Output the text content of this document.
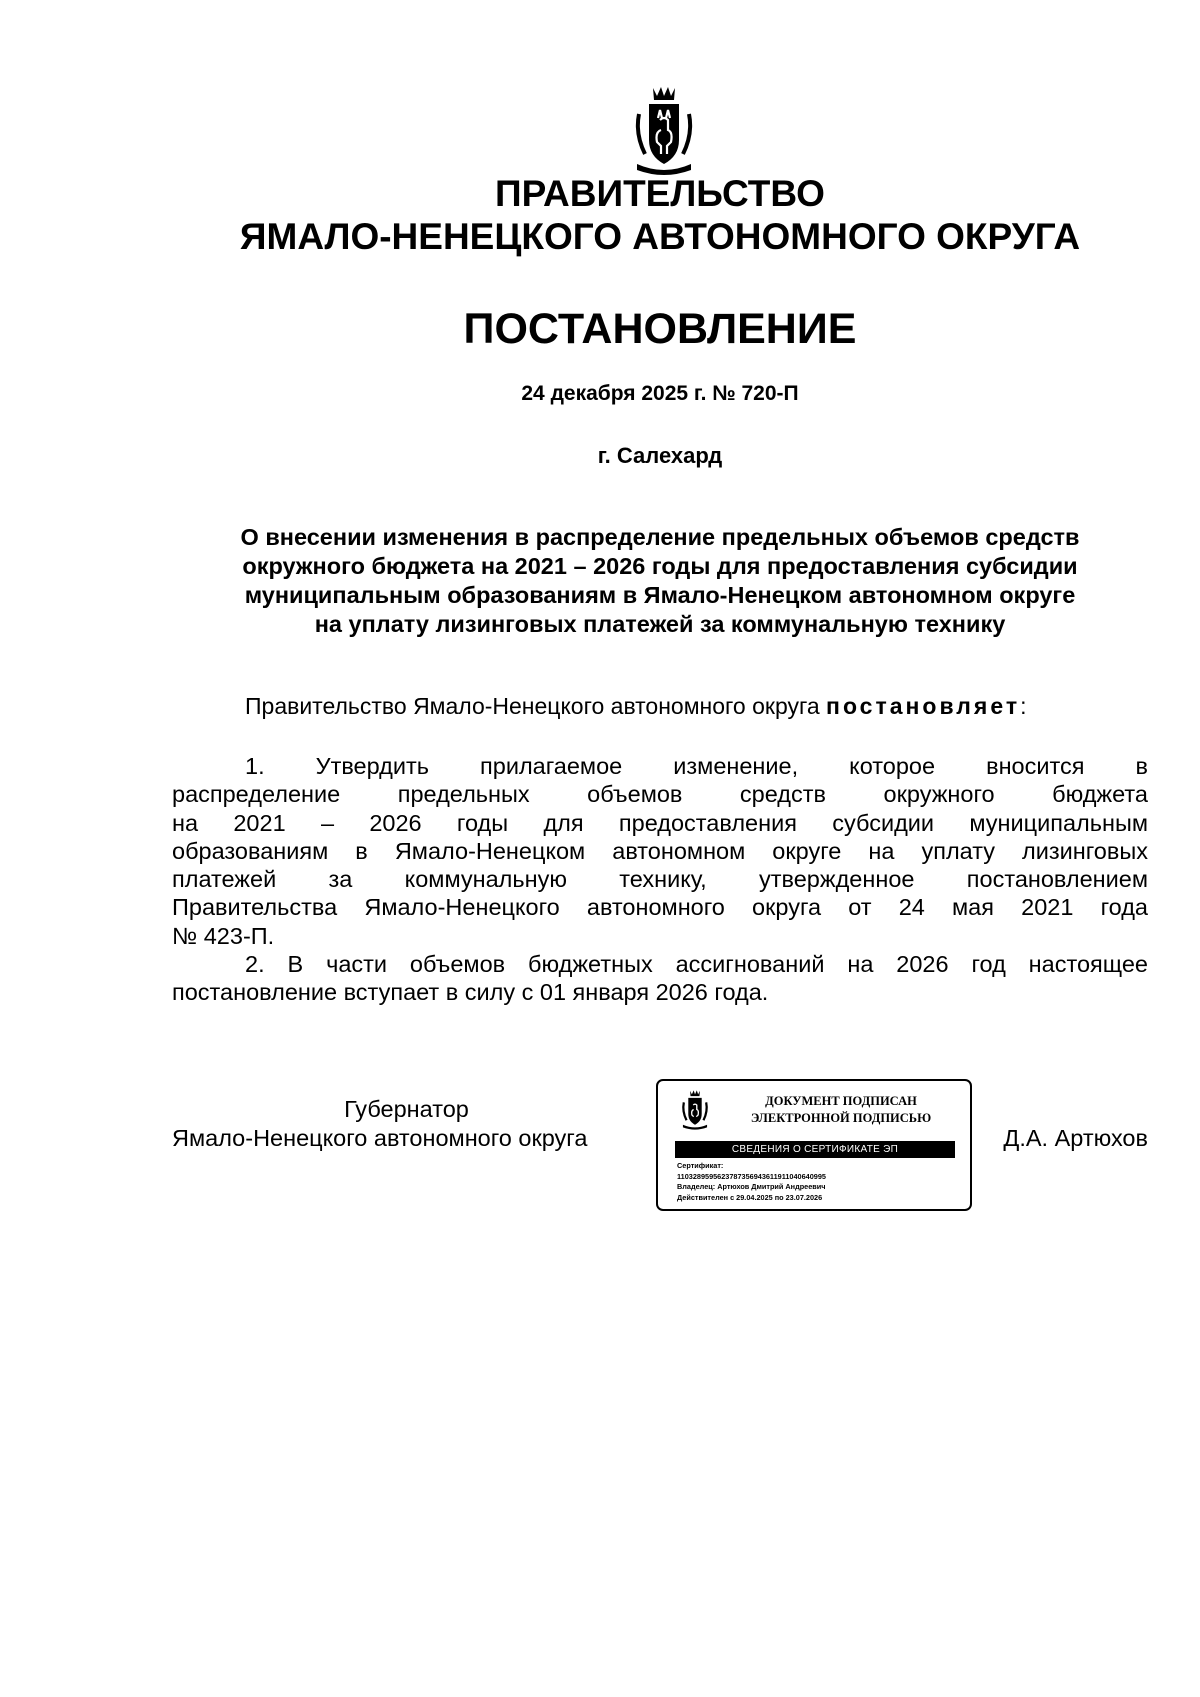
ПРАВИТЕЛЬСТВО
ЯМАЛО-НЕНЕЦКОГО АВТОНОМНОГО ОКРУГА
ПОСТАНОВЛЕНИЕ
24 декабря 2025 г. № 720-П
г. Салехард
О внесении изменения в распределение предельных объемов средств
окружного бюджета на 2021 – 2026 годы для предоставления субсидии
муниципальным образованиям в Ямало-Ненецком автономном округе
на уплату лизинговых платежей за коммунальную технику
Правительство Ямало-Ненецкого автономного округа постановляет:
1. Утвердить прилагаемое изменение, которое вносится в
распределение предельных объемов средств окружного бюджета
на 2021 – 2026 годы для предоставления субсидии муниципальным
образованиям в Ямало-Ненецком автономном округе на уплату лизинговых
платежей за коммунальную технику, утвержденное постановлением
Правительства Ямало-Ненецкого автономного округа от 24 мая 2021 года
№ 423-П.
2. В части объемов бюджетных ассигнований на 2026 год настоящее
постановление вступает в силу с 01 января 2026 года.
Губернатор
Ямало-Ненецкого автономного округа
ДОКУМЕНТ ПОДПИСАН
ЭЛЕКТРОННОЙ ПОДПИСЬЮ
СВЕДЕНИЯ О СЕРТИФИКАТЕ ЭП
Сертификат:
1103289595623787356943611911040640995
Владелец: Артюхов Дмитрий Андреевич
Действителен с 29.04.2025 по 23.07.2026
Д.А. Артюхов
